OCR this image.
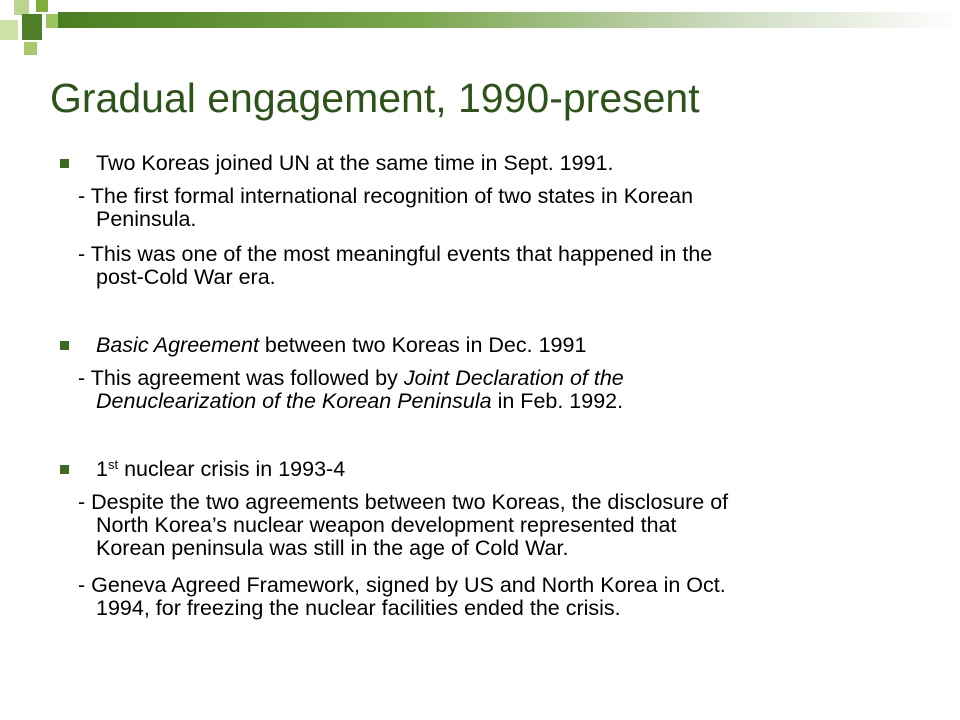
Gradual engagement, 1990-present
Two Koreas joined UN at the same time in Sept. 1991.
- The first formal international recognition of two states in Korean
Peninsula.
- This was one of the most meaningful events that happened in the
post-Cold War era.
Basic Agreement between two Koreas in Dec. 1991
- This agreement was followed by Joint Declaration of the
Denuclearization of the Korean Peninsula in Feb. 1992.
1st nuclear crisis in 1993-4
- Despite the two agreements between two Koreas, the disclosure of
North Korea’s nuclear weapon development represented that
Korean peninsula was still in the age of Cold War.
- Geneva Agreed Framework, signed by US and North Korea in Oct.
1994, for freezing the nuclear facilities ended the crisis.
